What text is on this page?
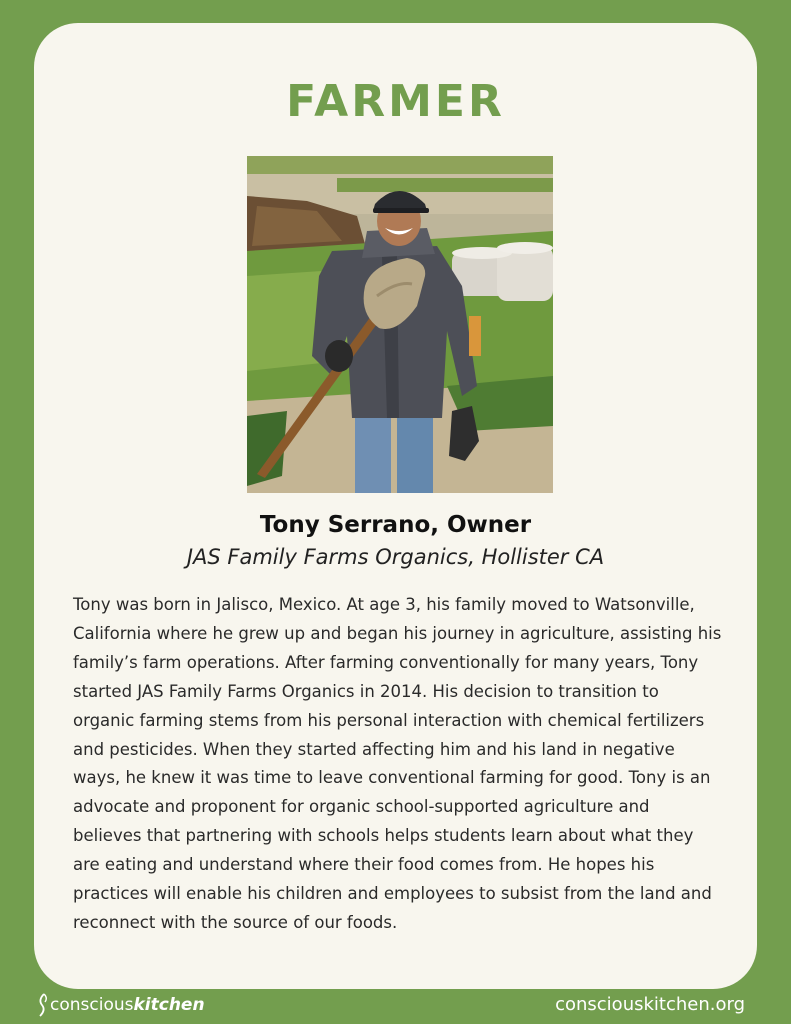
FARMER
Tony Serrano, Owner

JAS Family Farms Organics, Hollister CA

Tony was born in Jalisco, Mexico. At age 3, his family moved to Watsonville, California where he grew up and began his journey in agriculture, assisting his family’s farm operations. After farming conventionally for many years, Tony started JAS Family Farms Organics in 2014. His decision to transition to organic farming stems from his personal interaction with chemical fertilizers and pesticides. When they started affecting him and his land in negative ways, he knew it was time to leave conventional farming for good. Tony is an advocate and proponent for organic school-supported agriculture and believes that partnering with schools helps students learn about what they are eating and understand where their food comes from. He hopes his practices will enable his children and employees to subsist from the land and reconnect with the source of our foods.

conscious kitchen	consciouskitchen.org
